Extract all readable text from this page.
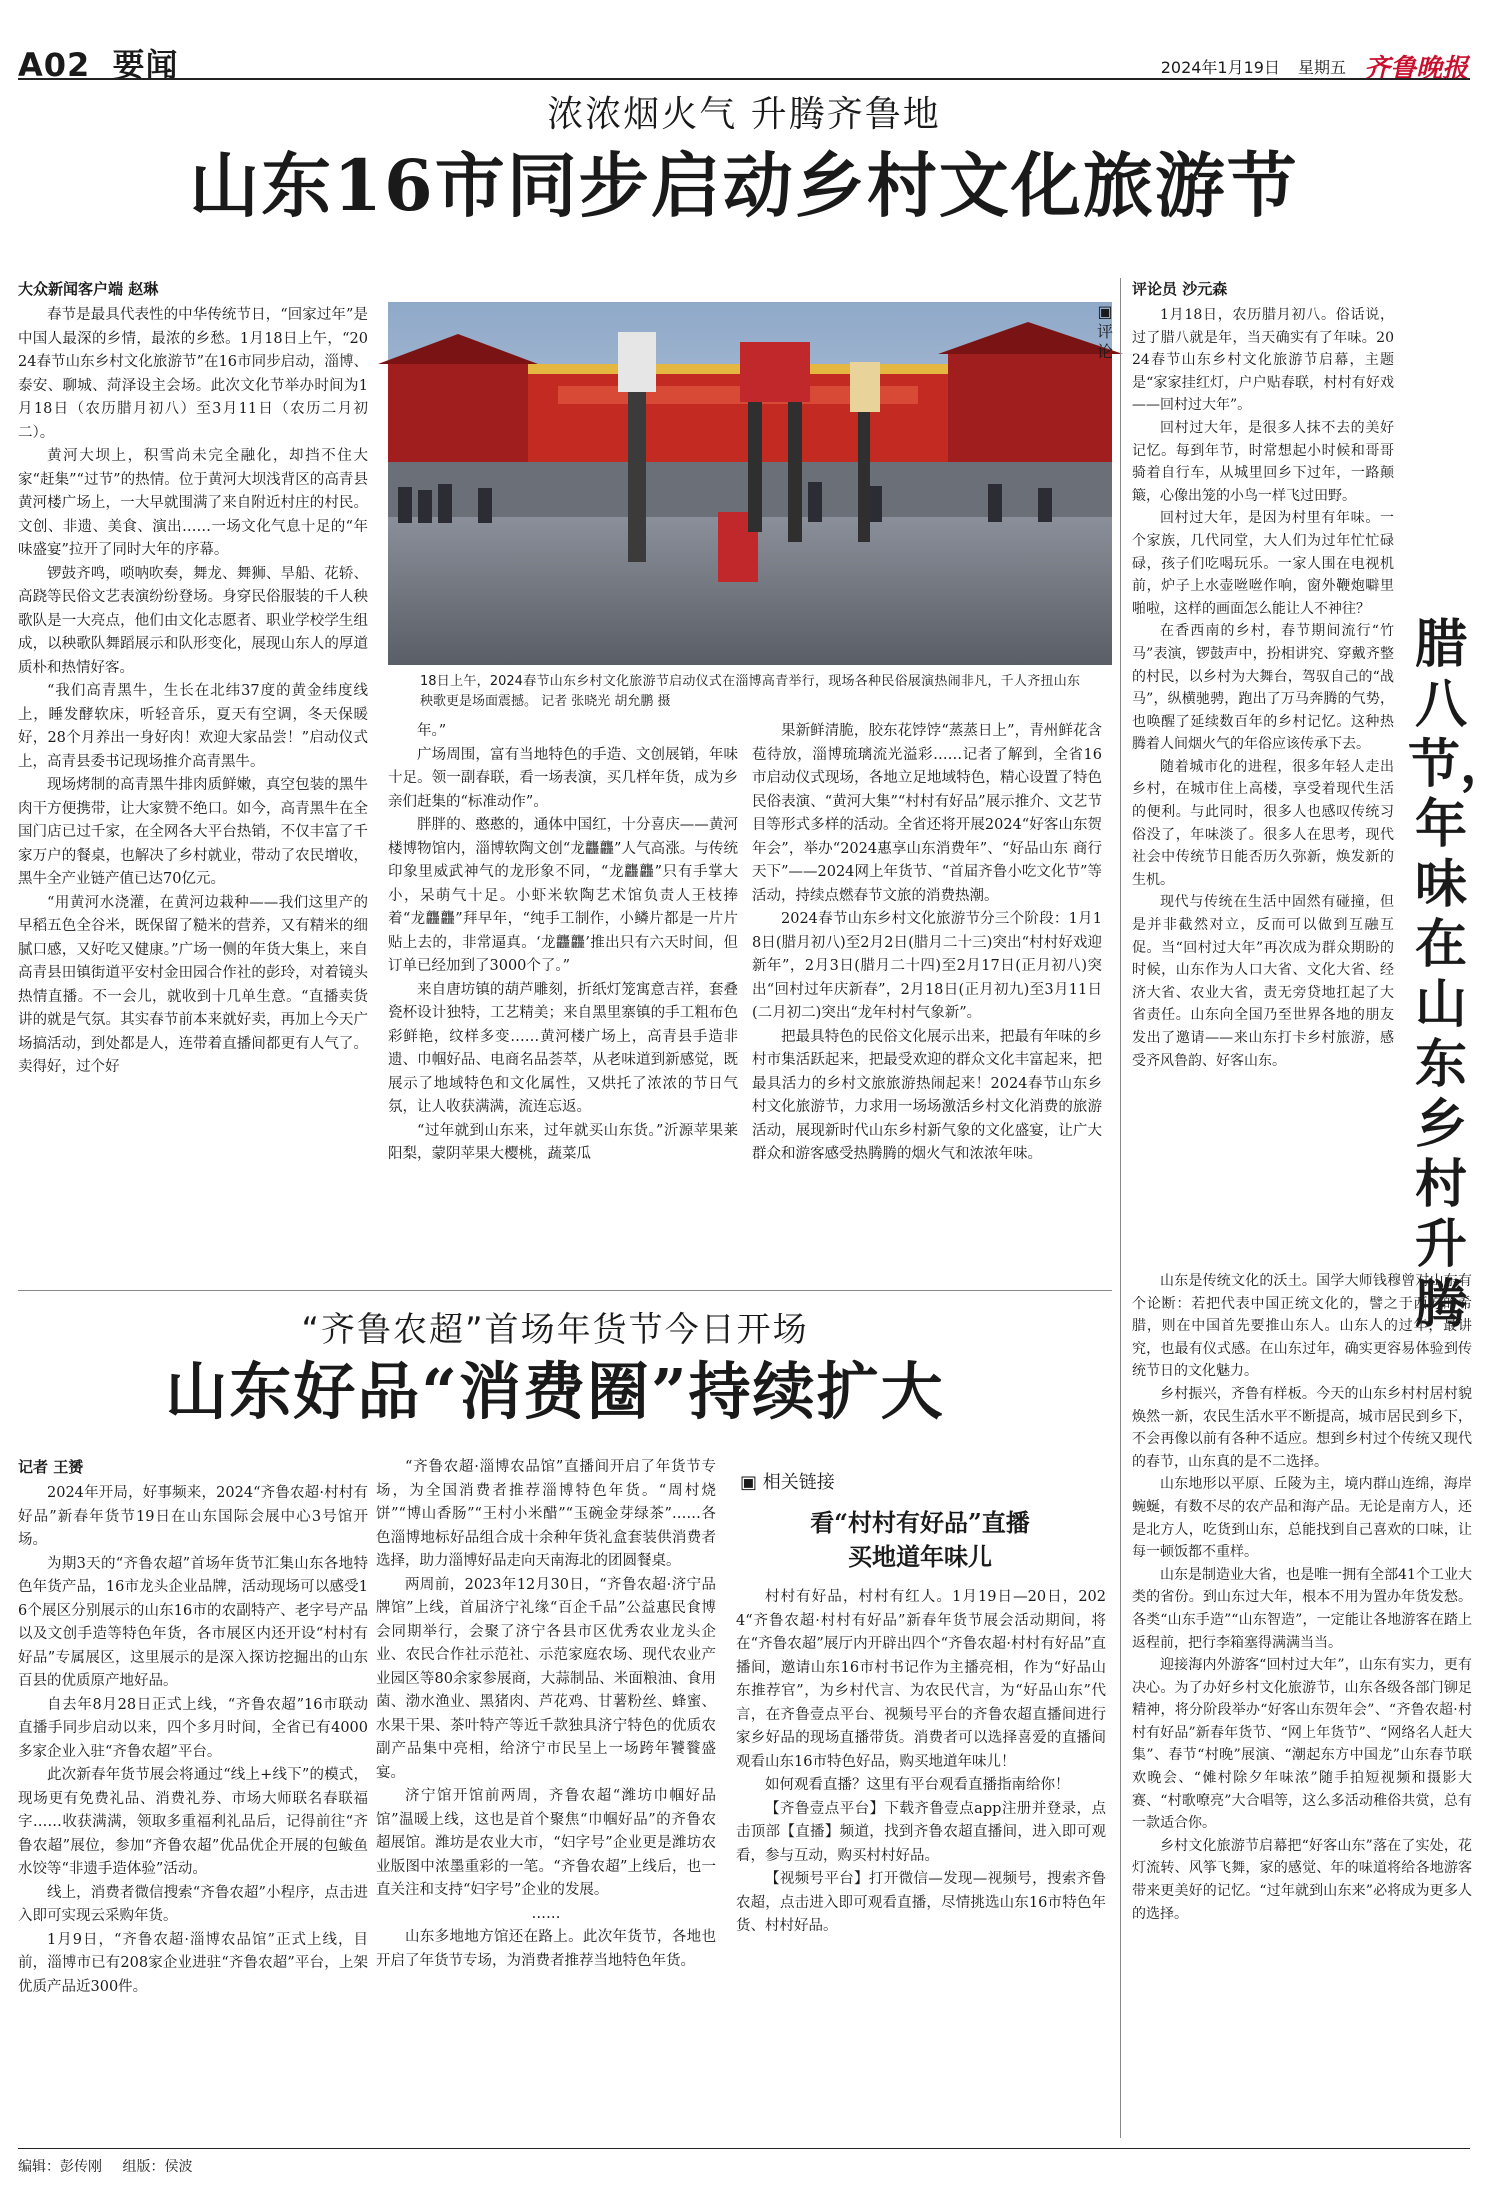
A02 要闻	2024年1月19日 星期五 齐鲁晚报
浓浓烟火气 升腾齐鲁地
山东16市同步启动乡村文化旅游节
大众新闻客户端 赵琳

春节是最具代表性的中华传统节日，“回家过年”是中国人最深的乡情，最浓的乡愁。1月18日上午，“2024春节山东乡村文化旅游节”在16市同步启动，淄博、泰安、聊城、菏泽设主会场。此次文化节举办时间为1月18日（农历腊月初八）至3月11日（农历二月初二）。

黄河大坝上，积雪尚未完全融化，却挡不住大家“赶集”“过节”的热情。位于黄河大坝浅背区的高青县黄河楼广场上，一大早就围满了来自附近村庄的村民。文创、非遗、美食、演出……一场文化气息十足的“年味盛宴”拉开了同时大年的序幕。

锣鼓齐鸣，唢呐吹奏，舞龙、舞狮、旱船、花轿、高跷等民俗文艺表演纷纷登场。身穿民俗服装的千人秧歌队是一大亮点，他们由文化志愿者、职业学校学生组成，以秧歌队舞蹈展示和队形变化，展现山东人的厚道质朴和热情好客。

“我们高青黑牛，生长在北纬37度的黄金纬度线上，睡发酵软床，听轻音乐，夏天有空调，冬天保暖好，28个月养出一身好肉！欢迎大家品尝！”启动仪式上，高青县委书记现场推介高青黑牛。

现场烤制的高青黑牛排肉质鲜嫩，真空包装的黑牛肉干方便携带，让大家赞不绝口。如今，高青黑牛在全国门店已过千家，在全网各大平台热销，不仅丰富了千家万户的餐桌，也解决了乡村就业，带动了农民增收，黑牛全产业链产值已达70亿元。

“用黄河水浇灌，在黄河边栽种——我们这里产的早稻五色全谷米，既保留了糙米的营养，又有精米的细腻口感，又好吃又健康。”广场一侧的年货大集上，来自高青县田镇街道平安村金田园合作社的彭玲，对着镜头热情直播。不一会儿，就收到十几单生意。“直播卖货讲的就是气氛。其实春节前本来就好卖，再加上今天广场搞活动，到处都是人，连带着直播间都更有人气了。卖得好，过个好

18日上午，2024春节山东乡村文化旅游节启动仪式在淄博高青举行，现场各种民俗展演热闹非凡，千人齐扭山东秧歌更是场面震撼。 记者 张晓光 胡允鹏 摄

年。”

广场周围，富有当地特色的手造、文创展销，年味十足。领一副春联，看一场表演，买几样年货，成为乡亲们赶集的“标准动作”。

胖胖的、憨憨的，通体中国红，十分喜庆——黄河楼博物馆内，淄博软陶文创“龙龘龘”人气高涨。与传统印象里威武神气的龙形象不同，“龙龘龘”只有手掌大小，呆萌气十足。小虾米软陶艺术馆负责人王枝捧着“龙龘龘”拜早年，“纯手工制作，小鳞片都是一片片贴上去的，非常逼真。‘龙龘龘’推出只有六天时间，但订单已经加到了3000个了。”

来自唐坊镇的葫芦雕刻，折纸灯笼寓意吉祥，套叠瓷杯设计独特，工艺精美；来自黑里寨镇的手工粗布色彩鲜艳，纹样多变……黄河楼广场上，高青县手造非遗、巾帼好品、电商名品荟萃，从老味道到新感觉，既展示了地域特色和文化属性，又烘托了浓浓的节日气氛，让人收获满满，流连忘返。

“过年就到山东来，过年就买山东货。”沂源苹果莱阳梨，蒙阴苹果大樱桃，蔬菜瓜

果新鲜清脆，胶东花饽饽“蒸蒸日上”，青州鲜花含苞待放，淄博琉璃流光溢彩……记者了解到，全省16市启动仪式现场，各地立足地域特色，精心设置了特色民俗表演、“黄河大集”“村村有好品”展示推介、文艺节目等形式多样的活动。全省还将开展2024“好客山东贺年会”，举办“2024惠享山东消费年”、“好品山东 商行天下”——2024网上年货节、“首届齐鲁小吃文化节”等活动，持续点燃春节文旅的消费热潮。

2024春节山东乡村文化旅游节分三个阶段：1月18日(腊月初八)至2月2日(腊月二十三)突出“村村好戏迎新年”，2月3日(腊月二十四)至2月17日(正月初八)突出“回村过年庆新春”，2月18日(正月初九)至3月11日(二月初二)突出“龙年村村气象新”。

把最具特色的民俗文化展示出来，把最有年味的乡村市集活跃起来，把最受欢迎的群众文化丰富起来，把最具活力的乡村文旅旅游热闹起来！2024春节山东乡村文化旅游节，力求用一场场激活乡村文化消费的旅游活动，展现新时代山东乡村新气象的文化盛宴，让广大群众和游客感受热腾腾的烟火气和浓浓年味。

▣
评论
评论员 沙元森
腊八节，年味在山东乡村升腾

1月18日，农历腊月初八。俗话说，过了腊八就是年，当天确实有了年味。2024春节山东乡村文化旅游节启幕，主题是“家家挂红灯，户户贴春联，村村有好戏——回村过大年”。

回村过大年，是很多人抹不去的美好记忆。每到年节，时常想起小时候和哥哥骑着自行车，从城里回乡下过年，一路颠簸，心像出笼的小鸟一样飞过田野。

回村过大年，是因为村里有年味。一个家族，几代同堂，大人们为过年忙忙碌碌，孩子们吃喝玩乐。一家人围在电视机前，炉子上水壶咝咝作响，窗外鞭炮噼里啪啦，这样的画面怎么能让人不神往？

在香西南的乡村，春节期间流行“竹马”表演，锣鼓声中，扮相讲究、穿戴齐整的村民，以乡村为大舞台，驾驭自己的“战马”，纵横驰骋，跑出了万马奔腾的气势，也唤醒了延续数百年的乡村记忆。这种热腾着人间烟火气的年俗应该传承下去。

随着城市化的进程，很多年轻人走出乡村，在城市住上高楼，享受着现代生活的便利。与此同时，很多人也感叹传统习俗没了，年味淡了。很多人在思考，现代社会中传统节日能否历久弥新，焕发新的生机。

现代与传统在生活中固然有碰撞，但是并非截然对立，反而可以做到互融互促。当“回村过大年”再次成为群众期盼的时候，山东作为人口大省、文化大省、经济大省、农业大省，责无旁贷地扛起了大省责任。山东向全国乃至世界各地的朋友发出了邀请——来山东打卡乡村旅游，感受齐风鲁韵、好客山东。

山东是传统文化的沃土。国学大师钱穆曾对山东有个论断：若把代表中国正统文化的，譬之于西方的希腊，则在中国首先要推山东人。山东人的过年，最讲究，也最有仪式感。在山东过年，确实更容易体验到传统节日的文化魅力。

乡村振兴，齐鲁有样板。今天的山东乡村村居村貌焕然一新，农民生活水平不断提高，城市居民到乡下，不会再像以前有各种不适应。想到乡村过个传统又现代的春节，山东真的是不二选择。

山东地形以平原、丘陵为主，境内群山连绵，海岸蜿蜒，有数不尽的农产品和海产品。无论是南方人，还是北方人，吃货到山东，总能找到自己喜欢的口味，让每一顿饭都不重样。

山东是制造业大省，也是唯一拥有全部41个工业大类的省份。到山东过大年，根本不用为置办年货发愁。各类“山东手造”“山东智造”，一定能让各地游客在踏上返程前，把行李箱塞得满满当当。

迎接海内外游客“回村过大年”，山东有实力，更有决心。为了办好乡村文化旅游节，山东各级各部门铆足精神，将分阶段举办“好客山东贺年会”、“齐鲁农超·村村有好品”新春年货节、“网上年货节”、“网络名人赶大集”、春节“村晚”展演、“潮起东方中国龙”山东春节联欢晚会、“傩村除夕年味浓”随手拍短视频和摄影大赛、“村歌嘹亮”大合唱等，这么多活动稚俗共赏，总有一款适合你。

乡村文化旅游节启幕把“好客山东”落在了实处，花灯流转、风筝飞舞，家的感觉、年的味道将给各地游客带来更美好的记忆。“过年就到山东来”必将成为更多人的选择。

“齐鲁农超”首场年货节今日开场
山东好品“消费圈”持续扩大
记者 王赟

2024年开局，好事频来，2024“齐鲁农超·村村有好品”新春年货节19日在山东国际会展中心3号馆开场。

为期3天的“齐鲁农超”首场年货节汇集山东各地特色年货产品，16市龙头企业品牌，活动现场可以感受16个展区分别展示的山东16市的农副特产、老字号产品以及文创手造等特色年货，各市展区内还开设“村村有好品”专属展区，这里展示的是深入探访挖掘出的山东百县的优质原产地好品。

自去年8月28日正式上线，“齐鲁农超”16市联动直播手同步启动以来，四个多月时间，全省已有4000多家企业入驻“齐鲁农超”平台。

此次新春年货节展会将通过“线上+线下”的模式，现场更有免费礼品、消费礼券、市场大师联名春联福字……收获满满，领取多重福利礼品后，记得前往“齐鲁农超”展位，参加“齐鲁农超”优品优企开展的包鲅鱼水饺等“非遗手造体验”活动。

线上，消费者微信搜索“齐鲁农超”小程序，点击进入即可实现云采购年货。

1月9日，“齐鲁农超·淄博农品馆”正式上线，目前，淄博市已有208家企业进驻“齐鲁农超”平台，上架优质产品近300件。

“齐鲁农超·淄博农品馆”直播间开启了年货节专场，为全国消费者推荐淄博特色年货。“周村烧饼”“博山香肠”“王村小米醋”“玉碗金芽绿茶”……各色淄博地标好品组合成十余种年货礼盒套装供消费者选择，助力淄博好品走向天南海北的团圆餐桌。

两周前，2023年12月30日，“齐鲁农超·济宁品牌馆”上线，首届济宁礼缘“百企千品”公益惠民食博会同期举行，会聚了济宁各县市区优秀农业龙头企业、农民合作社示范社、示范家庭农场、现代农业产业园区等80余家参展商，大蒜制品、米面粮油、食用菌、渤水渔业、黑猪肉、芦花鸡、甘薯粉丝、蜂蜜、水果干果、茶叶特产等近千款独具济宁特色的优质农副产品集中亮相，给济宁市民呈上一场跨年饕餮盛宴。

济宁馆开馆前两周，齐鲁农超“潍坊巾帼好品馆”温暖上线，这也是首个聚焦“巾帼好品”的齐鲁农超展馆。潍坊是农业大市，“妇字号”企业更是潍坊农业版图中浓墨重彩的一笔。“齐鲁农超”上线后，也一直关注和支持“妇字号”企业的发展。

……

山东多地地方馆还在路上。此次年货节，各地也开启了年货节专场，为消费者推荐当地特色年货。

▣ 相关链接
看“村村有好品”直播
买地道年味儿

村村有好品，村村有红人。1月19日—20日，2024“齐鲁农超·村村有好品”新春年货节展会活动期间，将在“齐鲁农超”展厅内开辟出四个“齐鲁农超·村村有好品”直播间，邀请山东16市村书记作为主播亮相，作为“好品山东推荐官”，为乡村代言、为农民代言，为“好品山东”代言，在齐鲁壹点平台、视频号平台的齐鲁农超直播间进行家乡好品的现场直播带货。消费者可以选择喜爱的直播间观看山东16市特色好品，购买地道年味儿！

如何观看直播？这里有平台观看直播指南给你！

【齐鲁壹点平台】下载齐鲁壹点app注册并登录，点击顶部【直播】频道，找到齐鲁农超直播间，进入即可观看，参与互动，购买村村好品。

【视频号平台】打开微信—发现—视频号，搜索齐鲁农超，点击进入即可观看直播，尽情挑选山东16市特色年货、村村好品。

编辑：彭传刚 组版：侯波
